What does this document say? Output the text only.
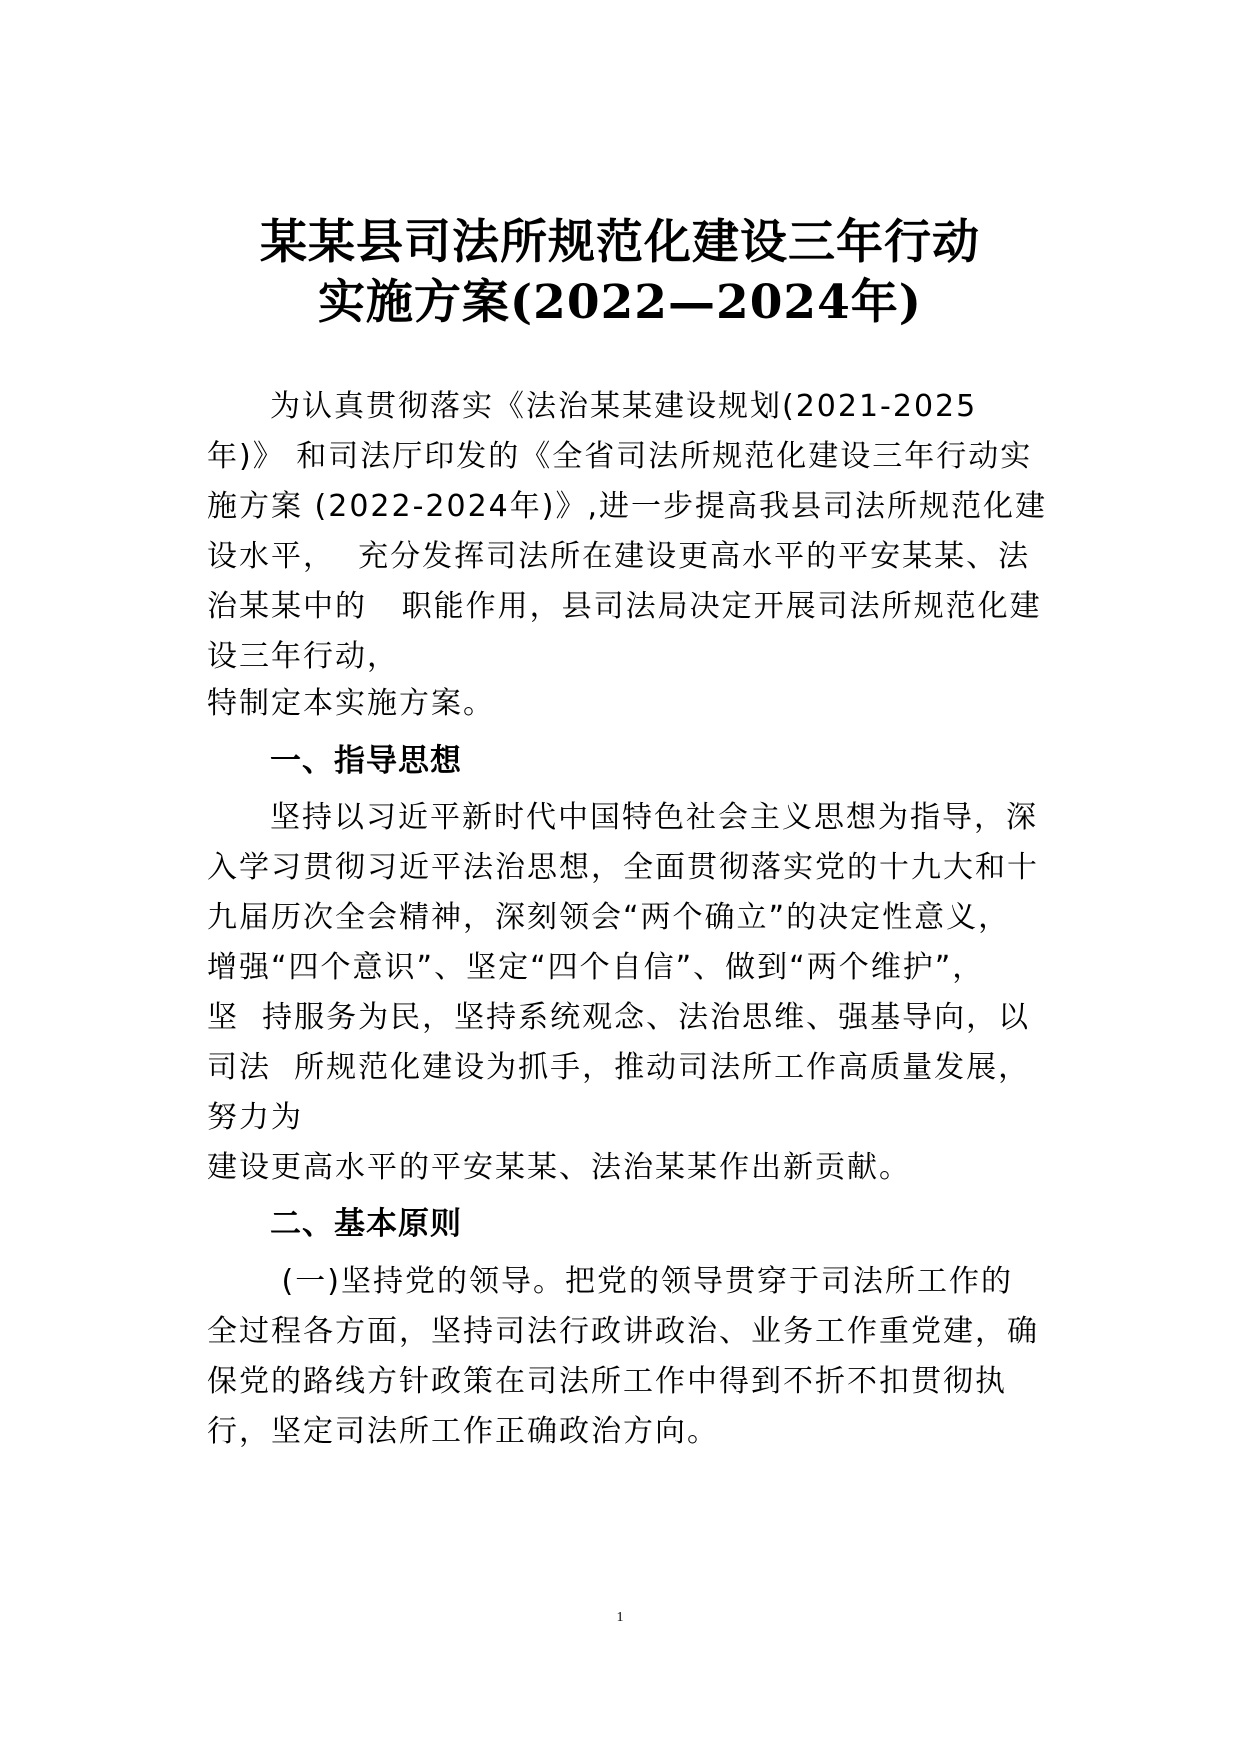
某某县司法所规范化建设三年行动
实施方案(2022—2024年)
为认真贯彻落实《法治某某建设规划(2021-2025
年)》 和司法厅印发的《全省司法所规范化建设三年行动实
施方案 (2022-2024年)》,进一步提高我县司法所规范化建
设水平，  充分发挥司法所在建设更高水平的平安某某、法
治某某中的   职能作用，县司法局决定开展司法所规范化建
设三年行动，
特制定本实施方案。
一、指导思想
坚持以习近平新时代中国特色社会主义思想为指导，深
入学习贯彻习近平法治思想，全面贯彻落实党的十九大和十
九届历次全会精神，深刻领会“两个确立”的决定性意义，
增强“四个意识”、坚定“四个自信”、做到“两个维护”，
坚  持服务为民，坚持系统观念、法治思维、强基导向，以
司法  所规范化建设为抓手，推动司法所工作高质量发展，
努力为
建设更高水平的平安某某、法治某某作出新贡献。
二、基本原则
(一)坚持党的领导。把党的领导贯穿于司法所工作的
全过程各方面，坚持司法行政讲政治、业务工作重党建，确
保党的路线方针政策在司法所工作中得到不折不扣贯彻执
行，坚定司法所工作正确政治方向。
1
